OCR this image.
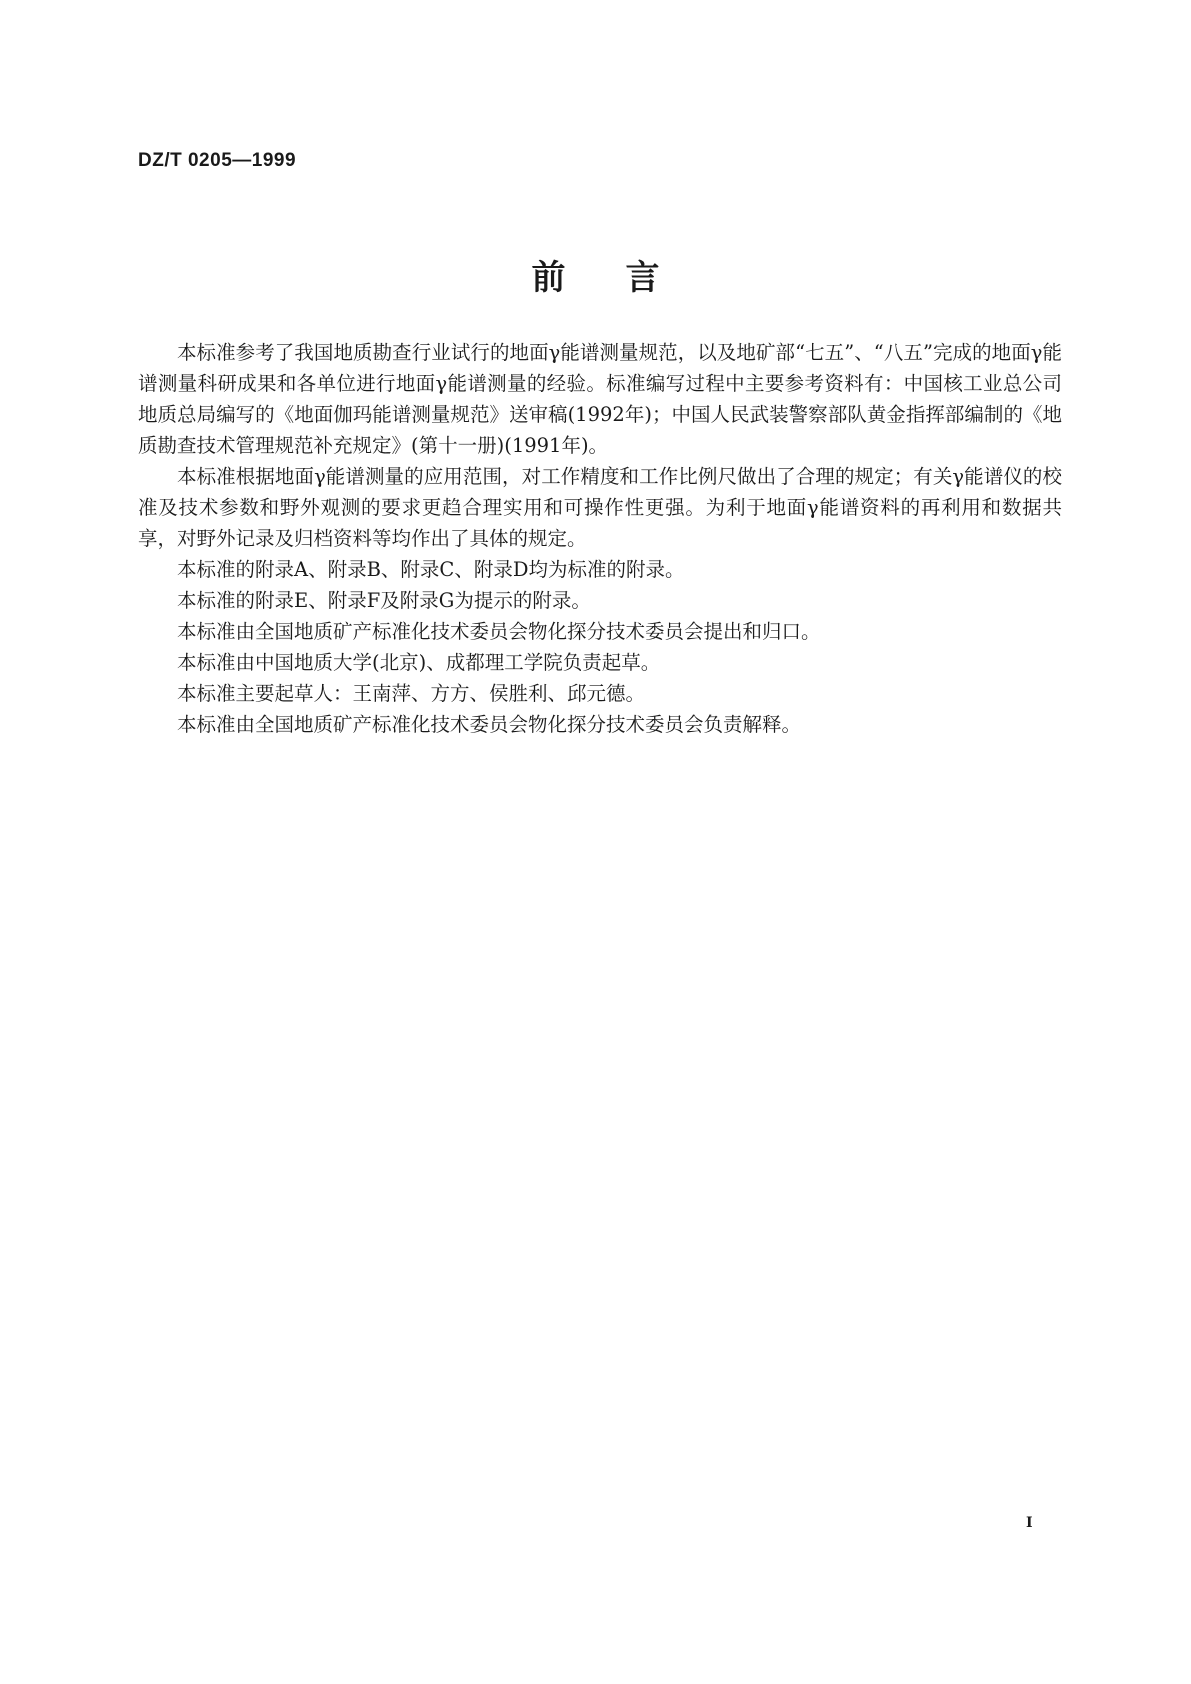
DZ/T 0205—1999
前言

本标准参考了我国地质勘查行业试行的地面γ能谱测量规范，以及地矿部“七五”、“八五”完成的地面γ能谱测量科研成果和各单位进行地面γ能谱测量的经验。标准编写过程中主要参考资料有：中国核工业总公司地质总局编写的《地面伽玛能谱测量规范》送审稿(1992年)；中国人民武装警察部队黄金指挥部编制的《地质勘查技术管理规范补充规定》(第十一册)(1991年)。

本标准根据地面γ能谱测量的应用范围，对工作精度和工作比例尺做出了合理的规定；有关γ能谱仪的校准及技术参数和野外观测的要求更趋合理实用和可操作性更强。为利于地面γ能谱资料的再利用和数据共享，对野外记录及归档资料等均作出了具体的规定。

本标准的附录A、附录B、附录C、附录D均为标准的附录。

本标准的附录E、附录F及附录G为提示的附录。

本标准由全国地质矿产标准化技术委员会物化探分技术委员会提出和归口。

本标准由中国地质大学(北京)、成都理工学院负责起草。

本标准主要起草人：王南萍、方方、侯胜利、邱元德。

本标准由全国地质矿产标准化技术委员会物化探分技术委员会负责解释。

Ⅰ
